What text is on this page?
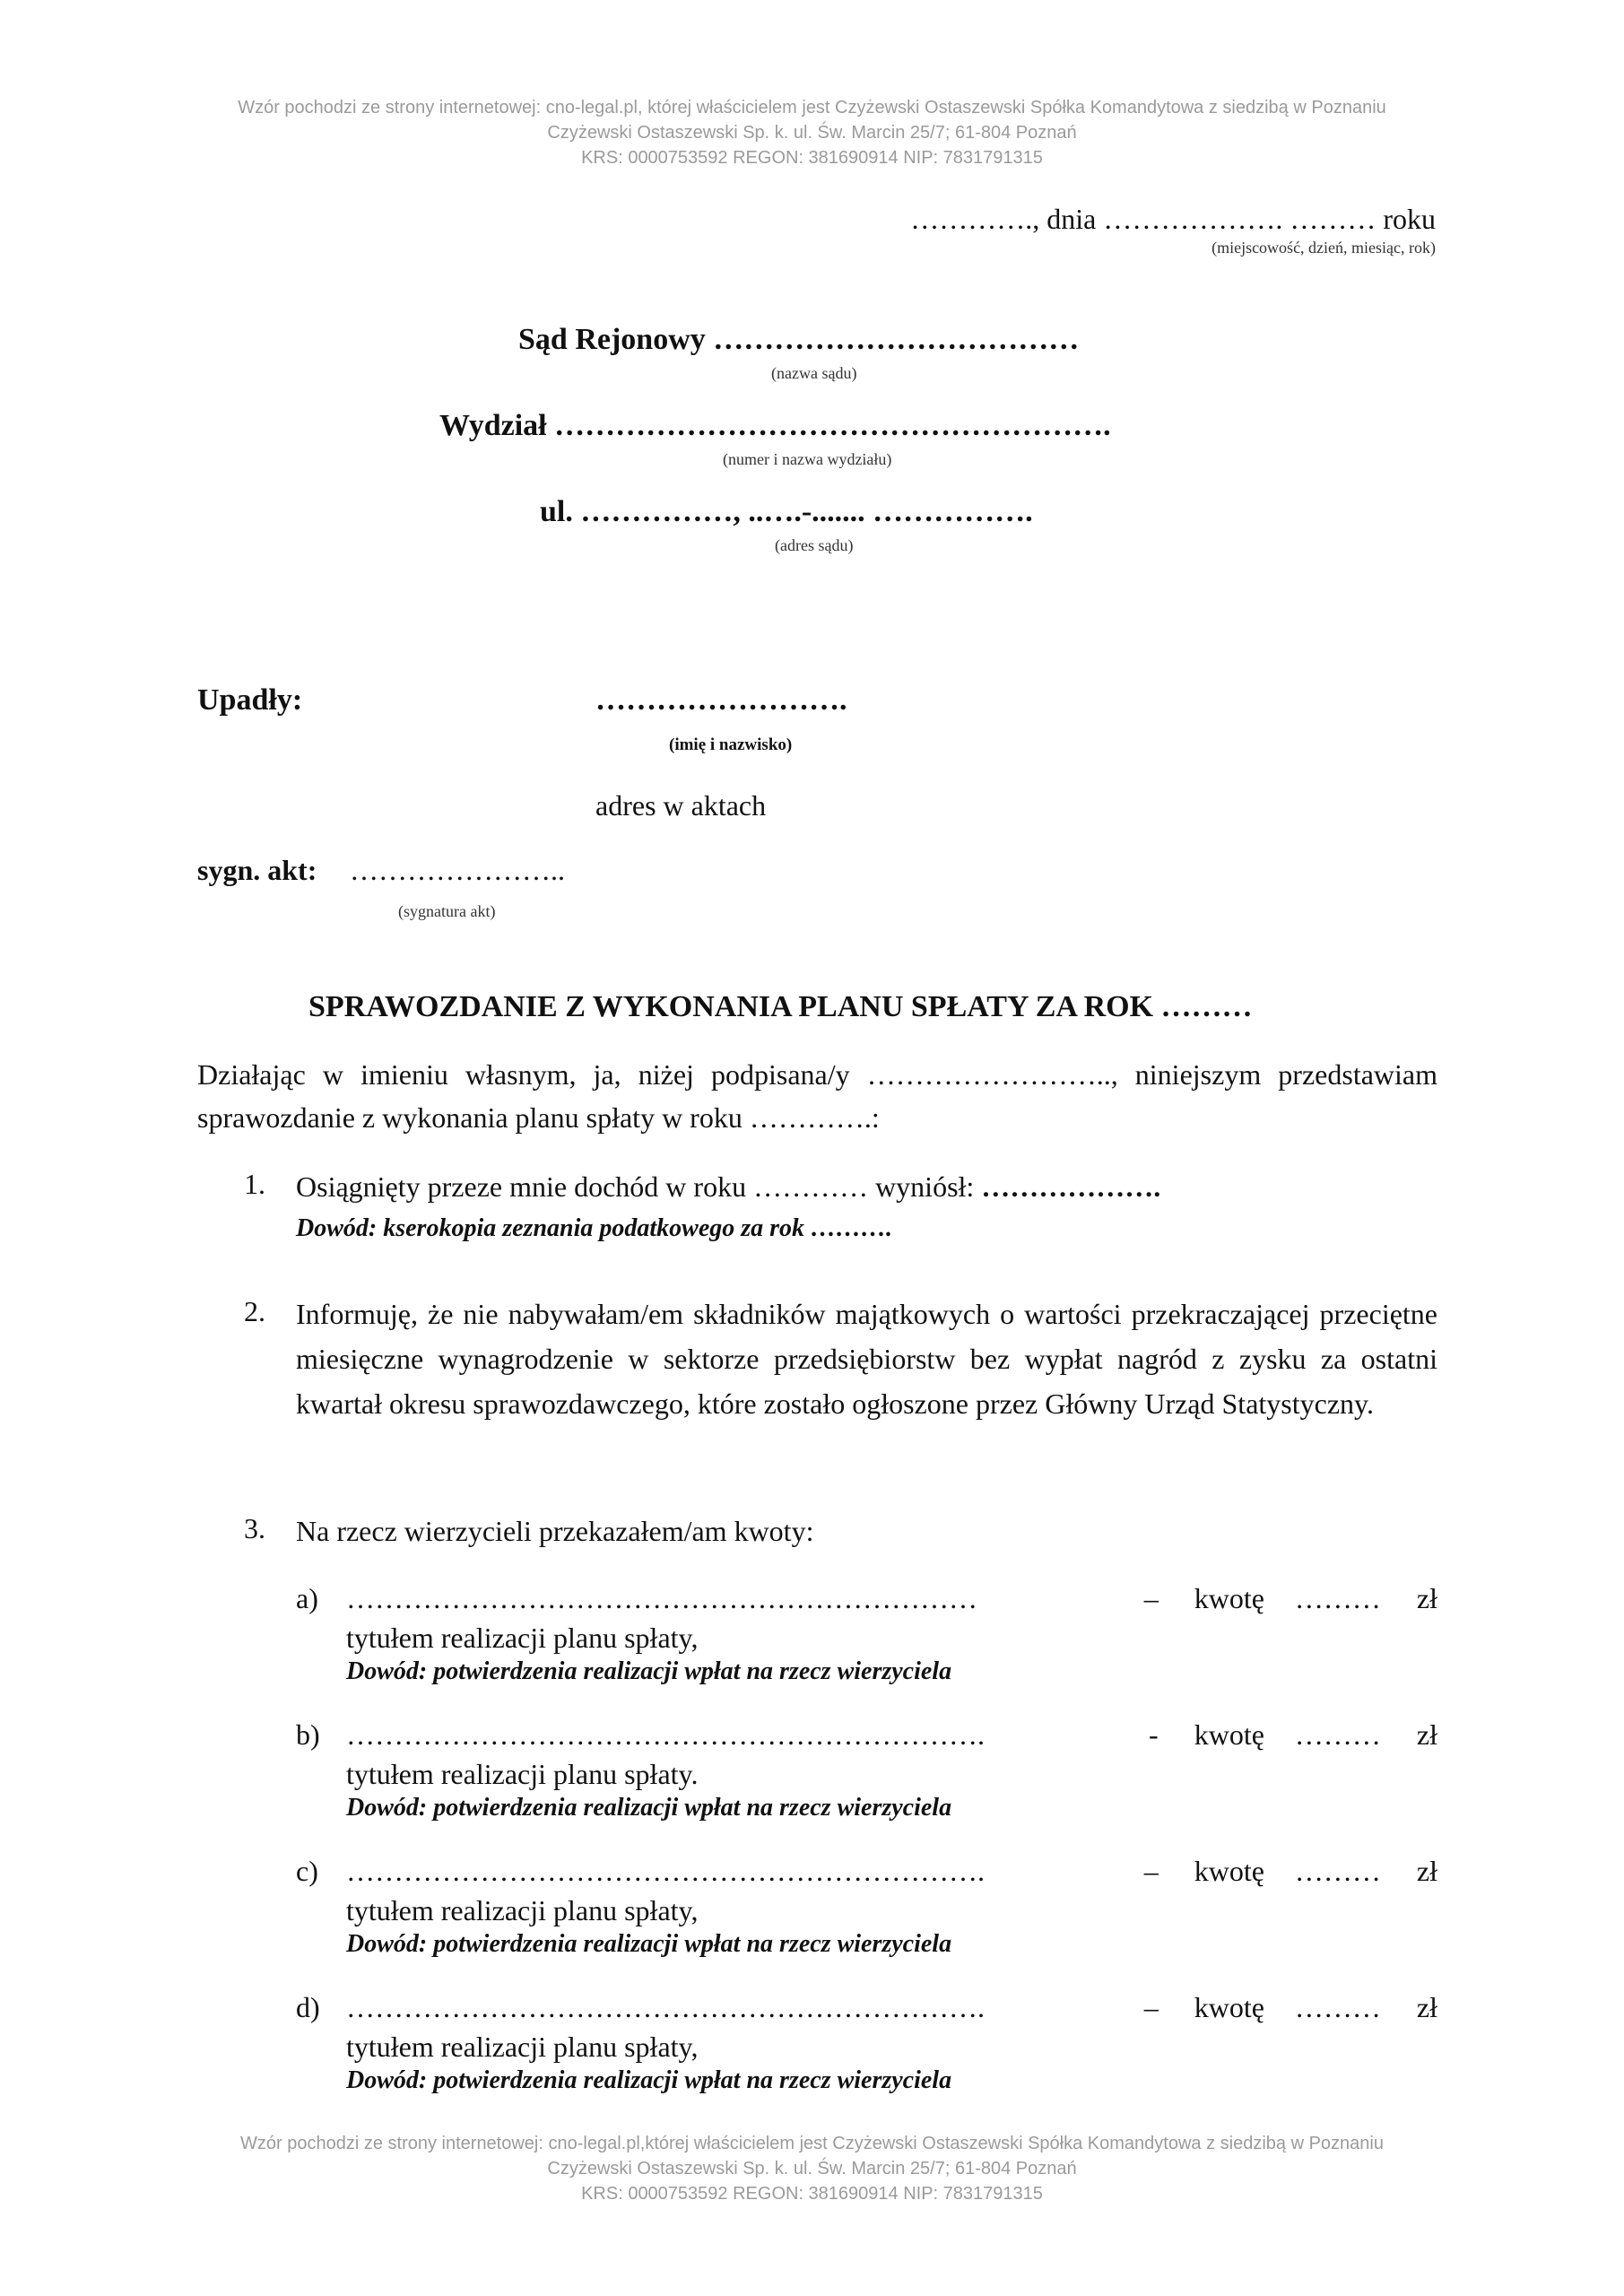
Wzór pochodzi ze strony internetowej: cno-legal.pl, której właścicielem jest Czyżewski Ostaszewski Spółka Komandytowa z siedzibą w Poznaniu
Czyżewski Ostaszewski Sp. k. ul. Św. Marcin 25/7; 61-804 Poznań
KRS: 0000753592 REGON: 381690914 NIP: 7831791315
…………., dnia ………………. ……… roku
(miejscowość, dzień, miesiąc, rok)
Sąd Rejonowy ………………………………
(nazwa sądu)
Wydział ……………………………………………….
(numer i nazwa wydziału)
ul. ……………, ..….-....... …………….
(adres sądu)
Upadły:	…………………….
(imię i nazwisko)
adres w aktach
sygn. akt: …………………..
(sygnatura akt)
SPRAWOZDANIE Z WYKONANIA PLANU SPŁATY ZA ROK ………
Działając w imieniu własnym, ja, niżej podpisana/y …………………….., niniejszym przedstawiam sprawozdanie z wykonania planu spłaty w roku ………….:
1. Osiągnięty przeze mnie dochód w roku ………… wyniósł: ……………….
Dowód: kserokopia zeznania podatkowego za rok ……….
2. Informuję, że nie nabywałam/em składników majątkowych o wartości przekraczającej przeciętne miesięczne wynagrodzenie w sektorze przedsiębiorstw bez wypłat nagród z zysku za ostatni kwartał okresu sprawozdawczego, które zostało ogłoszone przez Główny Urząd Statystyczny.
3. Na rzecz wierzycieli przekazałem/am kwoty:
a) …………………………………………………………	– kwotę ……… zł
tytułem realizacji planu spłaty,
Dowód: potwierdzenia realizacji wpłat na rzecz wierzyciela
b) ………………………………………………………….	- kwotę ……… zł
tytułem realizacji planu spłaty.
Dowód: potwierdzenia realizacji wpłat na rzecz wierzyciela
c) ………………………………………………………….	– kwotę ……… zł
tytułem realizacji planu spłaty,
Dowód: potwierdzenia realizacji wpłat na rzecz wierzyciela
d) ………………………………………………………….	– kwotę ……… zł
tytułem realizacji planu spłaty,
Dowód: potwierdzenia realizacji wpłat na rzecz wierzyciela
Wzór pochodzi ze strony internetowej: cno-legal.pl,której właścicielem jest Czyżewski Ostaszewski Spółka Komandytowa z siedzibą w Poznaniu
Czyżewski Ostaszewski Sp. k. ul. Św. Marcin 25/7; 61-804 Poznań
KRS: 0000753592 REGON: 381690914 NIP: 7831791315
